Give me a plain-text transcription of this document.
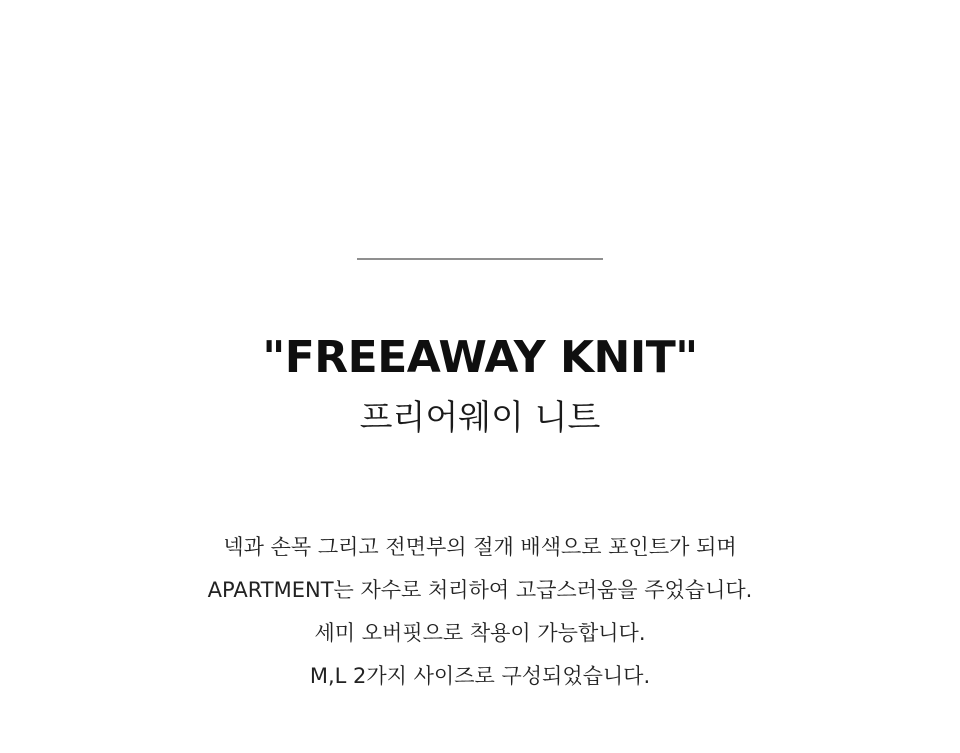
"FREEAWAY KNIT"
프리어웨이 니트
넥과 손목 그리고 전면부의 절개 배색으로 포인트가 되며
APARTMENT는 자수로 처리하여 고급스러움을 주었습니다.
세미 오버핏으로 착용이 가능합니다.
M,L 2가지 사이즈로 구성되었습니다.
